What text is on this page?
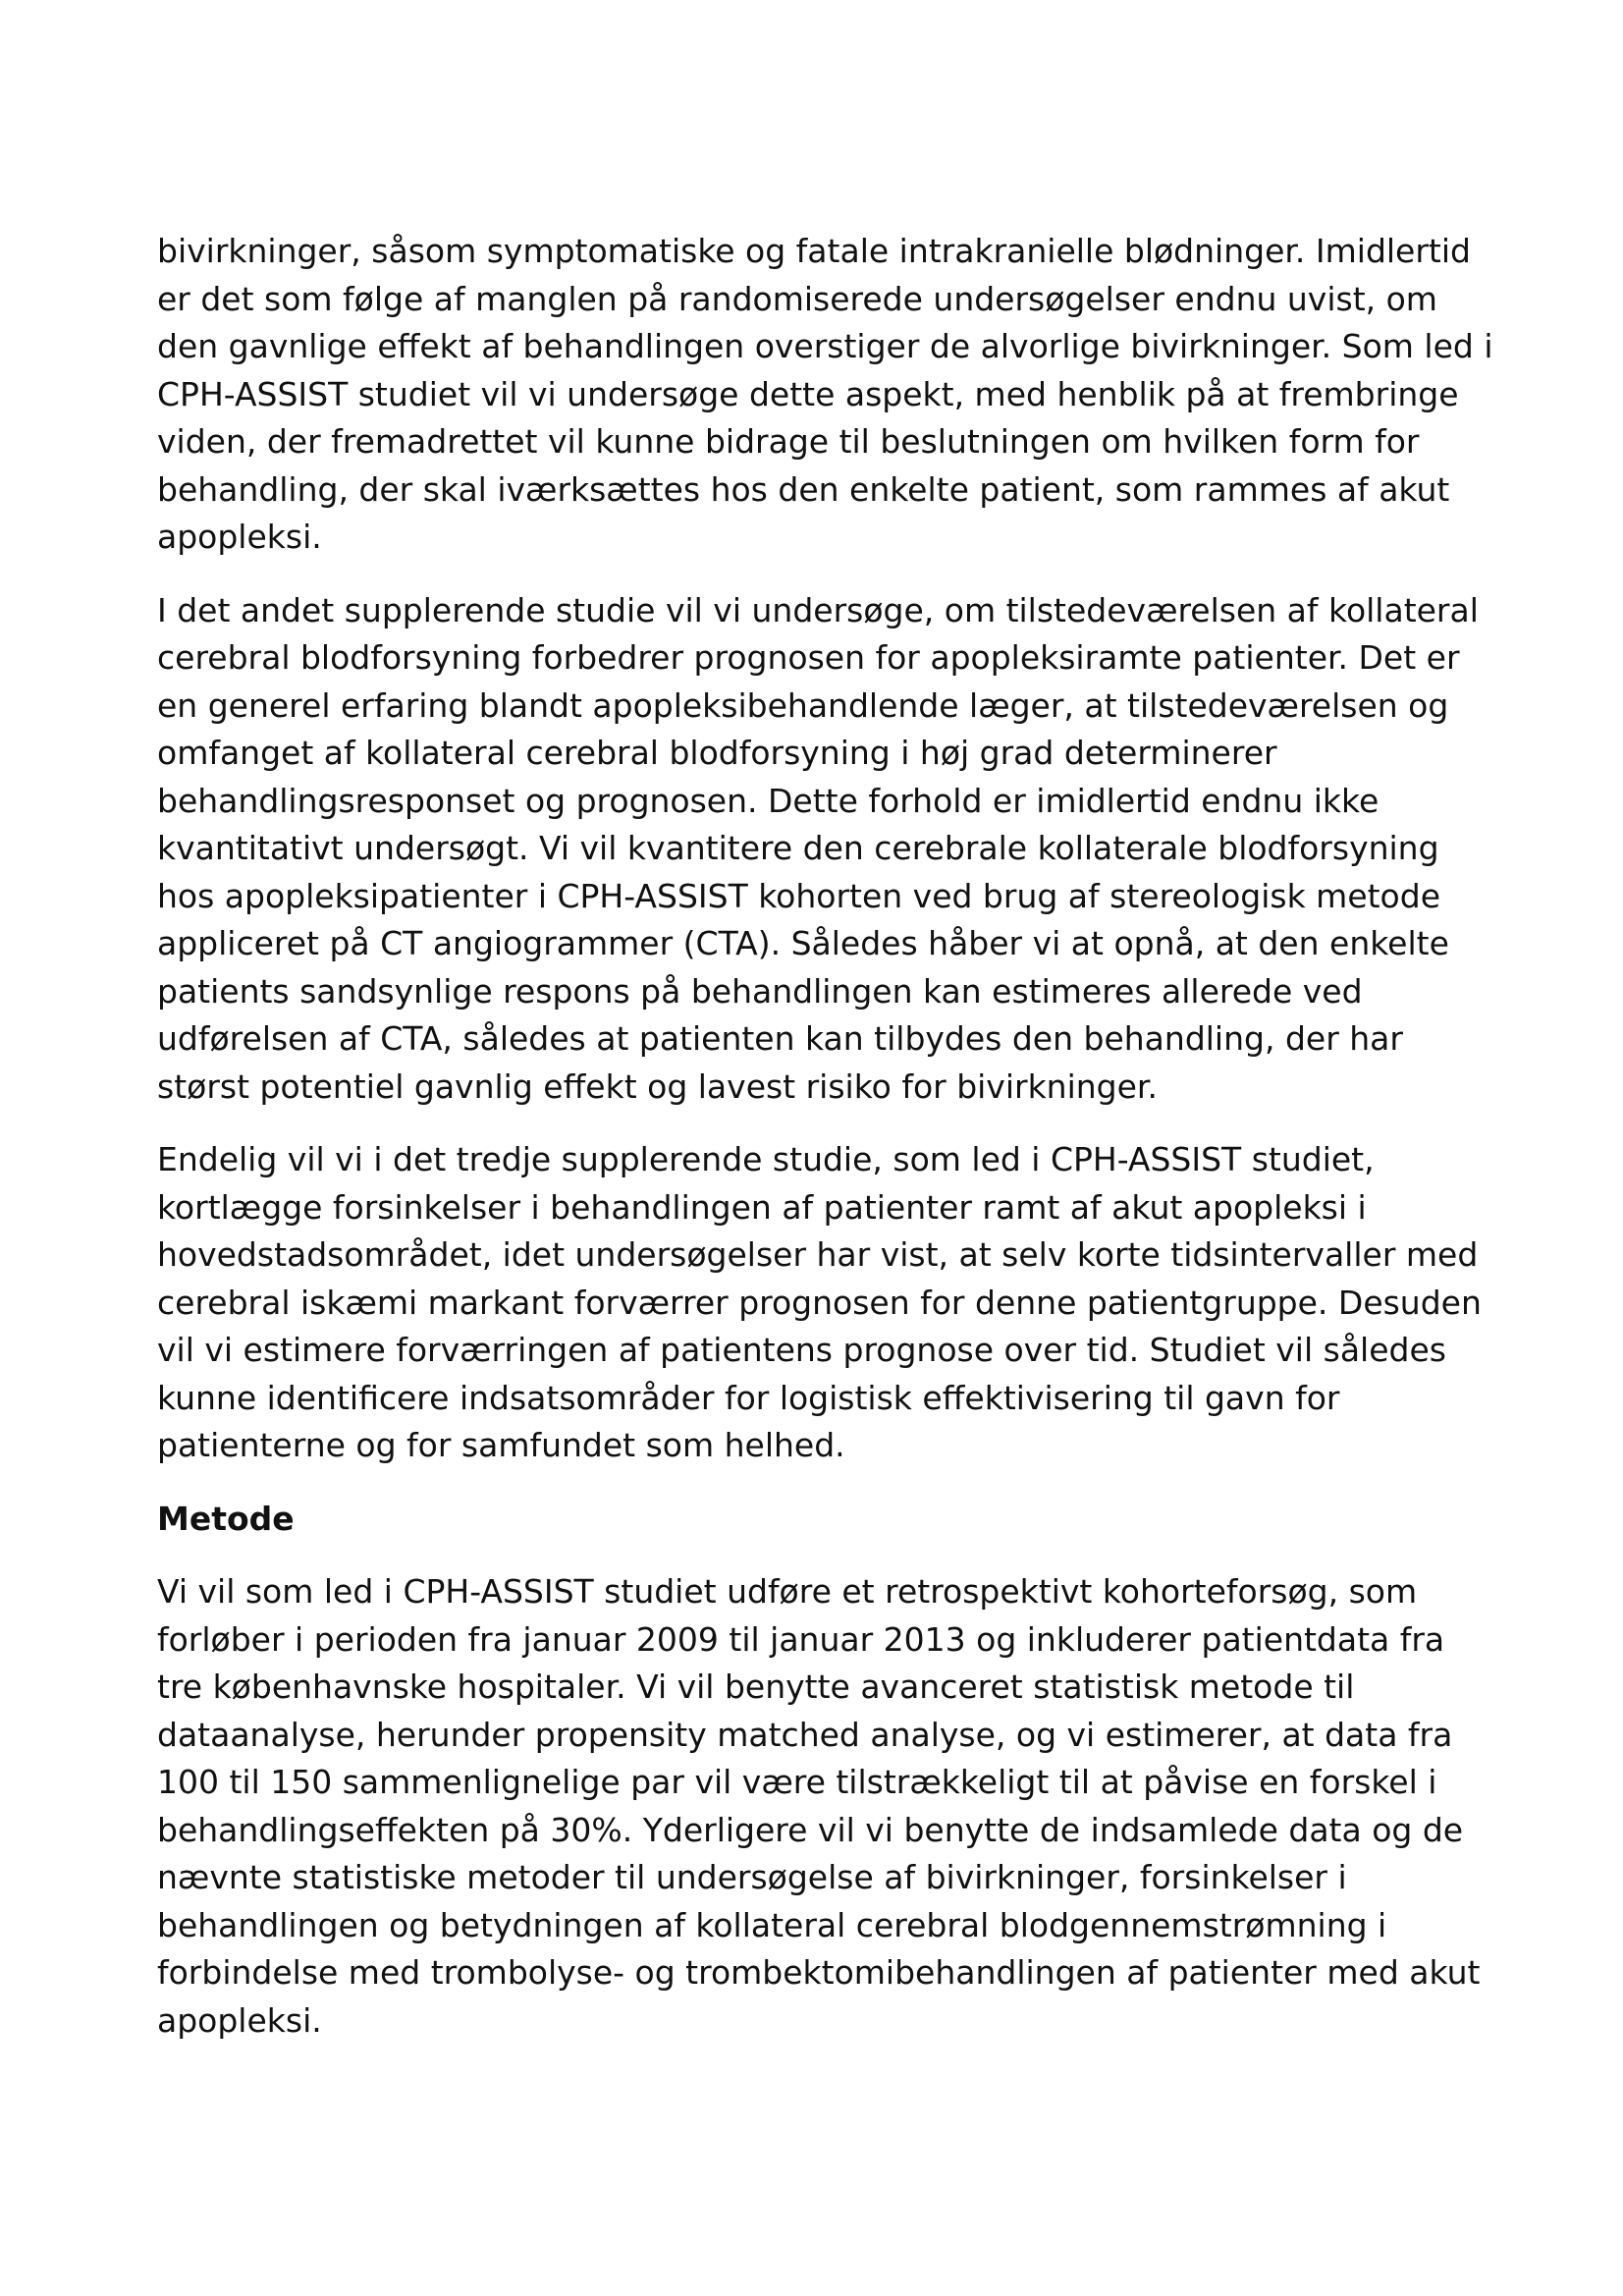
bivirkninger, såsom symptomatiske og fatale intrakranielle blødninger. Imidlertid
er det som følge af manglen på randomiserede undersøgelser endnu uvist, om
den gavnlige effekt af behandlingen overstiger de alvorlige bivirkninger. Som led i
CPH-ASSIST studiet vil vi undersøge dette aspekt, med henblik på at frembringe
viden, der fremadrettet vil kunne bidrage til beslutningen om hvilken form for
behandling, der skal iværksættes hos den enkelte patient, som rammes af akut
apopleksi.

I det andet supplerende studie vil vi undersøge, om tilstedeværelsen af kollateral
cerebral blodforsyning forbedrer prognosen for apopleksiramte patienter. Det er
en generel erfaring blandt apopleksibehandlende læger, at tilstedeværelsen og
omfanget af kollateral cerebral blodforsyning i høj grad determinerer
behandlingsresponset og prognosen. Dette forhold er imidlertid endnu ikke
kvantitativt undersøgt. Vi vil kvantitere den cerebrale kollaterale blodforsyning
hos apopleksipatienter i CPH-ASSIST kohorten ved brug af stereologisk metode
appliceret på CT angiogrammer (CTA). Således håber vi at opnå, at den enkelte
patients sandsynlige respons på behandlingen kan estimeres allerede ved
udførelsen af CTA, således at patienten kan tilbydes den behandling, der har
størst potentiel gavnlig effekt og lavest risiko for bivirkninger.

Endelig vil vi i det tredje supplerende studie, som led i CPH-ASSIST studiet,
kortlægge forsinkelser i behandlingen af patienter ramt af akut apopleksi i
hovedstadsområdet, idet undersøgelser har vist, at selv korte tidsintervaller med
cerebral iskæmi markant forværrer prognosen for denne patientgruppe. Desuden
vil vi estimere forværringen af patientens prognose over tid. Studiet vil således
kunne identificere indsatsområder for logistisk effektivisering til gavn for
patienterne og for samfundet som helhed.

Metode

Vi vil som led i CPH-ASSIST studiet udføre et retrospektivt kohorteforsøg, som
forløber i perioden fra januar 2009 til januar 2013 og inkluderer patientdata fra
tre københavnske hospitaler. Vi vil benytte avanceret statistisk metode til
dataanalyse, herunder propensity matched analyse, og vi estimerer, at data fra
100 til 150 sammenlignelige par vil være tilstrækkeligt til at påvise en forskel i
behandlingseffekten på 30%. Yderligere vil vi benytte de indsamlede data og de
nævnte statistiske metoder til undersøgelse af bivirkninger, forsinkelser i
behandlingen og betydningen af kollateral cerebral blodgennemstrømning i
forbindelse med trombolyse- og trombektomibehandlingen af patienter med akut
apopleksi.
